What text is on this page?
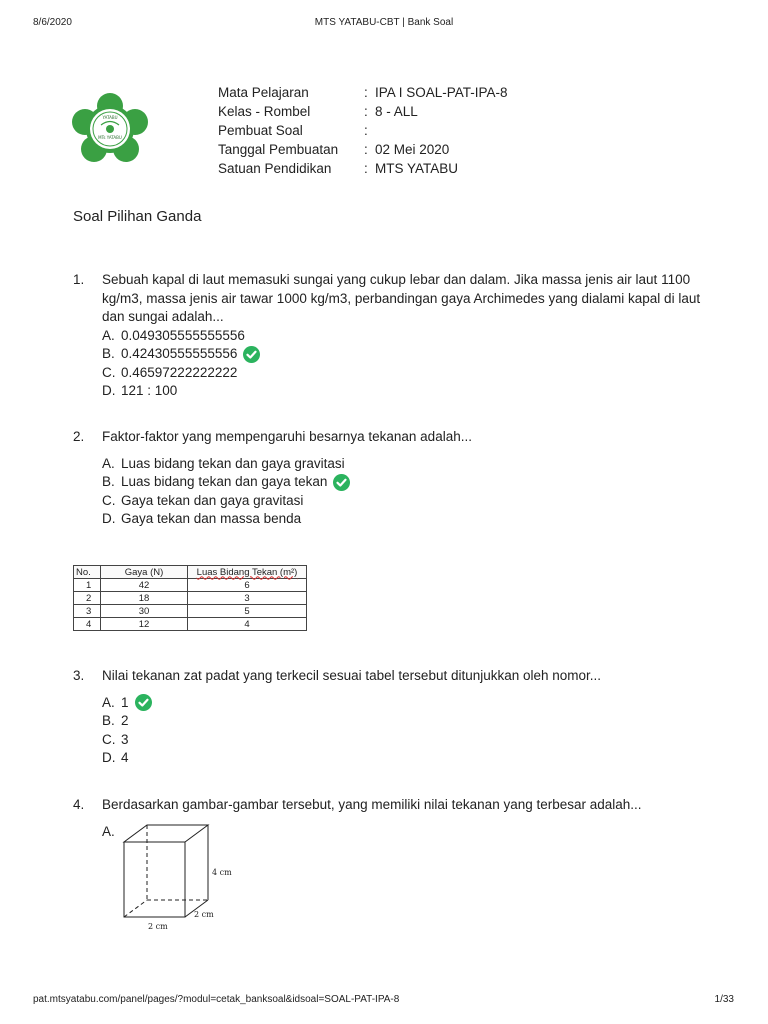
8/6/2020	MTS YATABU-CBT | Bank Soal
YATABU
MTs YATABU
Mata Pelajaran	: IPA I SOAL-PAT-IPA-8
Kelas - Rombel	: 8 - ALL
Pembuat Soal	:
Tanggal Pembuatan	: 02 Mei 2020
Satuan Pendidikan	: MTS YATABU
Soal Pilihan Ganda
1. Sebuah kapal di laut memasuki sungai yang cukup lebar dan dalam. Jika massa jenis air laut 1100 kg/m3, massa jenis air tawar 1000 kg/m3, perbandingan gaya Archimedes yang dialami kapal di laut dan sungai adalah...
A. 0.049305555555556
B. 0.42430555555556
C. 0.46597222222222
D. 121 : 100
2. Faktor-faktor yang mempengaruhi besarnya tekanan adalah...
A. Luas bidang tekan dan gaya gravitasi
B. Luas bidang tekan dan gaya tekan
C. Gaya tekan dan gaya gravitasi
D. Gaya tekan dan massa benda
No.	Gaya (N)	Luas Bidang Tekan (m²)
1	42	6
2	18	3
3	30	5
4	12	4
3. Nilai tekanan zat padat yang terkecil sesuai tabel tersebut ditunjukkan oleh nomor...
A. 1
B. 2
C. 3
D. 4
4. Berdasarkan gambar-gambar tersebut, yang memiliki nilai tekanan yang terbesar adalah...
A.
4 cm
2 cm
2 cm
pat.mtsyatabu.com/panel/pages/?modul=cetak_banksoal&idsoal=SOAL-PAT-IPA-8	1/33
